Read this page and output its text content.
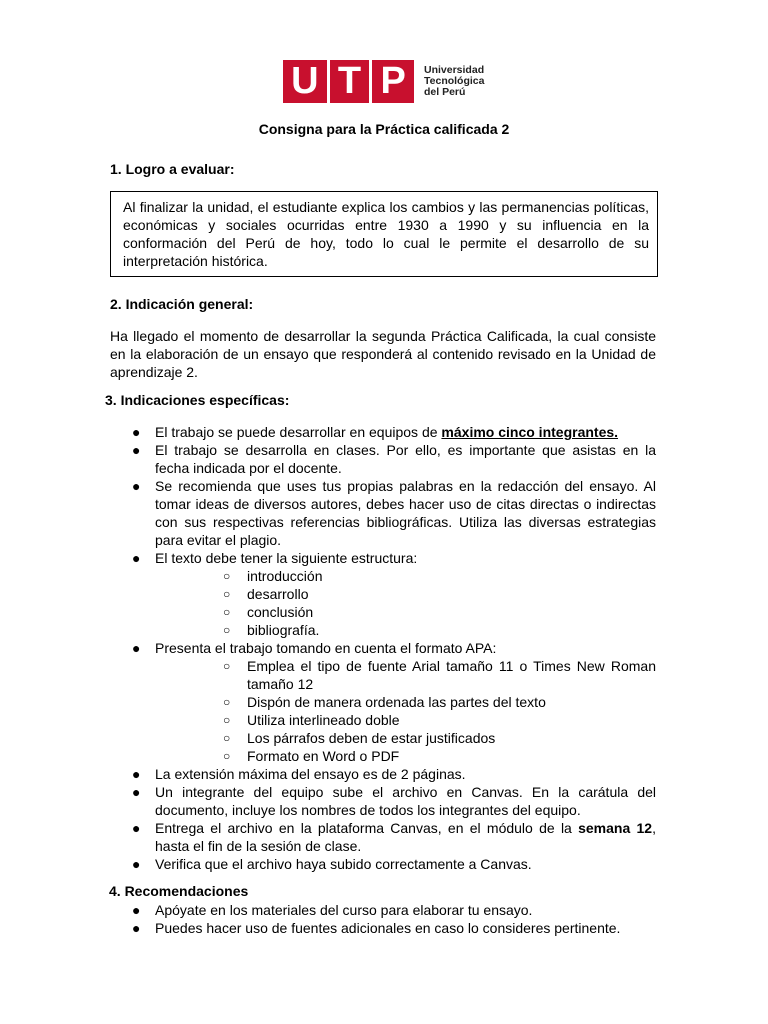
U T P Universidad
Tecnológica
del Perú
Consigna para la Práctica calificada 2
1. Logro a evaluar:
Al finalizar la unidad, el estudiante explica los cambios y las permanencias políticas, económicas y sociales ocurridas entre 1930 a 1990 y su influencia en la conformación del Perú de hoy, todo lo cual le permite el desarrollo de su interpretación histórica.
2. Indicación general:
Ha llegado el momento de desarrollar la segunda Práctica Calificada, la cual consiste en la elaboración de un ensayo que responderá al contenido revisado en la Unidad de aprendizaje 2.
3. Indicaciones específicas:
● El trabajo se puede desarrollar en equipos de máximo cinco integrantes.
● El trabajo se desarrolla en clases. Por ello, es importante que asistas en la fecha indicada por el docente.
● Se recomienda que uses tus propias palabras en la redacción del ensayo. Al tomar ideas de diversos autores, debes hacer uso de citas directas o indirectas con sus respectivas referencias bibliográficas. Utiliza las diversas estrategias para evitar el plagio.
● El texto debe tener la siguiente estructura:
○ introducción
○ desarrollo
○ conclusión
○ bibliografía.
● Presenta el trabajo tomando en cuenta el formato APA:
○ Emplea el tipo de fuente Arial tamaño 11 o Times New Roman tamaño 12
○ Dispón de manera ordenada las partes del texto
○ Utiliza interlineado doble
○ Los párrafos deben de estar justificados
○ Formato en Word o PDF
● La extensión máxima del ensayo es de 2 páginas.
● Un integrante del equipo sube el archivo en Canvas. En la carátula del documento, incluye los nombres de todos los integrantes del equipo.
● Entrega el archivo en la plataforma Canvas, en el módulo de la semana 12, hasta el fin de la sesión de clase.
● Verifica que el archivo haya subido correctamente a Canvas.
4. Recomendaciones
● Apóyate en los materiales del curso para elaborar tu ensayo.
● Puedes hacer uso de fuentes adicionales en caso lo consideres pertinente.
